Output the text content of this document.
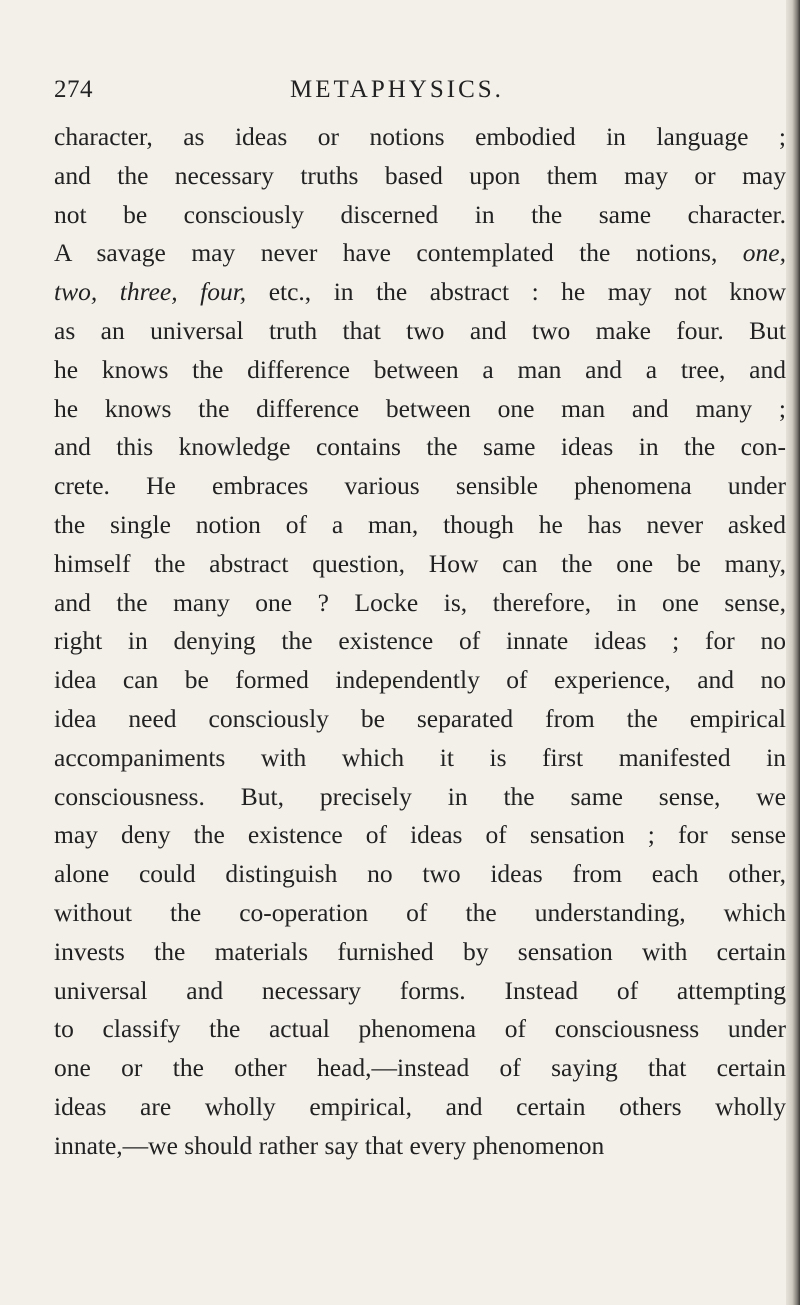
274	METAPHYSICS.
character, as ideas or notions embodied in language ;
and the necessary truths based upon them may or may
not be consciously discerned in the same character.
A savage may never have contemplated the notions, one,
two, three, four, etc., in the abstract : he may not know
as an universal truth that two and two make four. But
he knows the difference between a man and a tree, and
he knows the difference between one man and many ;
and this knowledge contains the same ideas in the con-
crete. He embraces various sensible phenomena under
the single notion of a man, though he has never asked
himself the abstract question, How can the one be many,
and the many one ? Locke is, therefore, in one sense,
right in denying the existence of innate ideas ; for no
idea can be formed independently of experience, and no
idea need consciously be separated from the empirical
accompaniments with which it is first manifested in
consciousness. But, precisely in the same sense, we
may deny the existence of ideas of sensation ; for sense
alone could distinguish no two ideas from each other,
without the co-operation of the understanding, which
invests the materials furnished by sensation with certain
universal and necessary forms. Instead of attempting
to classify the actual phenomena of consciousness under
one or the other head,—instead of saying that certain
ideas are wholly empirical, and certain others wholly
innate,—we should rather say that every phenomenon
